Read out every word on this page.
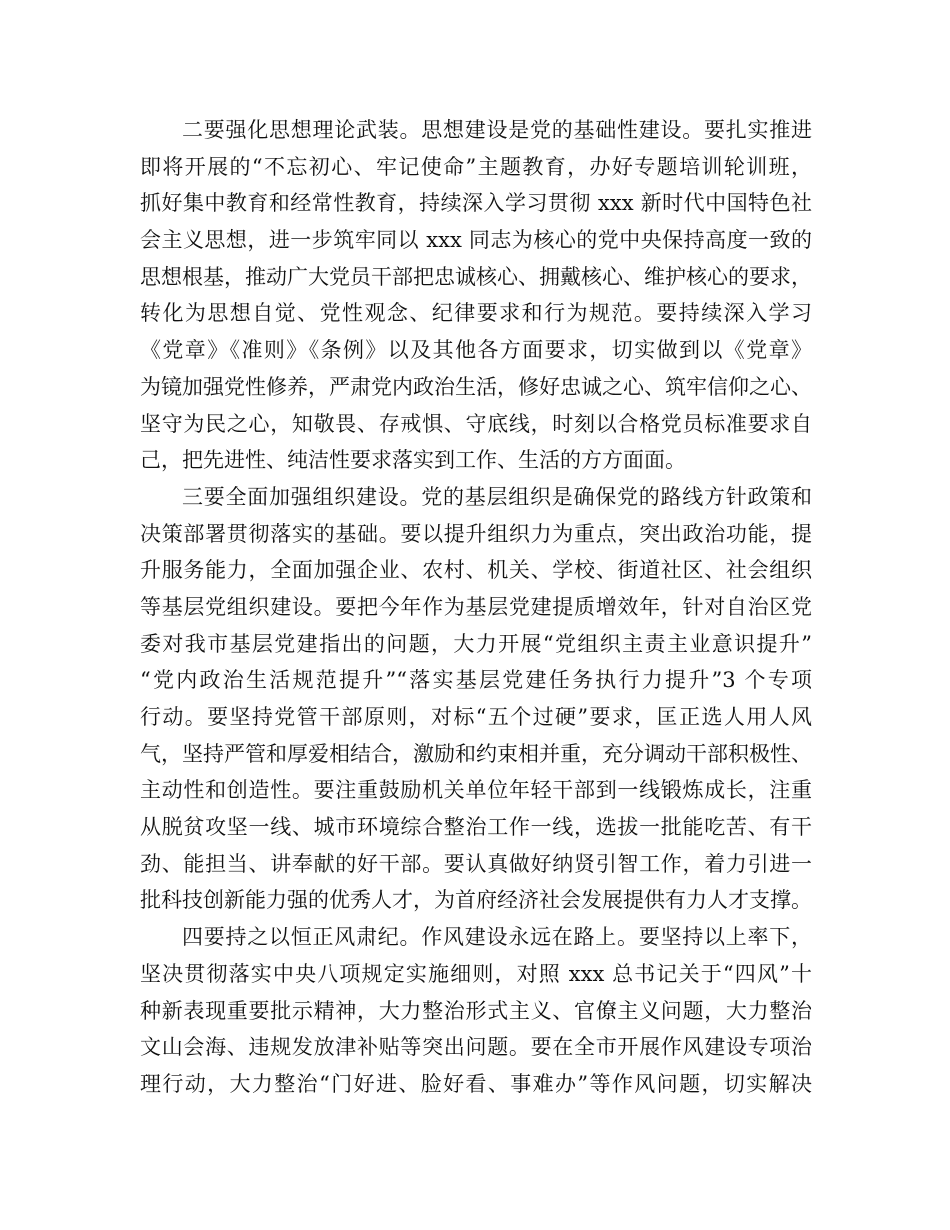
二要强化思想理论武装。思想建设是党的基础性建设。要扎实推进
即将开展的“不忘初心、牢记使命”主题教育，办好专题培训轮训班，
抓好集中教育和经常性教育，持续深入学习贯彻 xxx 新时代中国特色社
会主义思想，进一步筑牢同以 xxx 同志为核心的党中央保持高度一致的
思想根基，推动广大党员干部把忠诚核心、拥戴核心、维护核心的要求，
转化为思想自觉、党性观念、纪律要求和行为规范。要持续深入学习
《党章》《准则》《条例》以及其他各方面要求，切实做到以《党章》
为镜加强党性修养，严肃党内政治生活，修好忠诚之心、筑牢信仰之心、
坚守为民之心，知敬畏、存戒惧、守底线，时刻以合格党员标准要求自
己，把先进性、纯洁性要求落实到工作、生活的方方面面。
三要全面加强组织建设。党的基层组织是确保党的路线方针政策和
决策部署贯彻落实的基础。要以提升组织力为重点，突出政治功能，提
升服务能力，全面加强企业、农村、机关、学校、街道社区、社会组织
等基层党组织建设。要把今年作为基层党建提质增效年，针对自治区党
委对我市基层党建指出的问题，大力开展“党组织主责主业意识提升”
“党内政治生活规范提升”“落实基层党建任务执行力提升”3 个专项
行动。要坚持党管干部原则，对标“五个过硬”要求，匡正选人用人风
气，坚持严管和厚爱相结合，激励和约束相并重，充分调动干部积极性、
主动性和创造性。要注重鼓励机关单位年轻干部到一线锻炼成长，注重
从脱贫攻坚一线、城市环境综合整治工作一线，选拔一批能吃苦、有干
劲、能担当、讲奉献的好干部。要认真做好纳贤引智工作，着力引进一
批科技创新能力强的优秀人才，为首府经济社会发展提供有力人才支撑。
四要持之以恒正风肃纪。作风建设永远在路上。要坚持以上率下，
坚决贯彻落实中央八项规定实施细则，对照 xxx 总书记关于“四风”十
种新表现重要批示精神，大力整治形式主义、官僚主义问题，大力整治
文山会海、违规发放津补贴等突出问题。要在全市开展作风建设专项治
理行动，大力整治“门好进、脸好看、事难办”等作风问题，切实解决
